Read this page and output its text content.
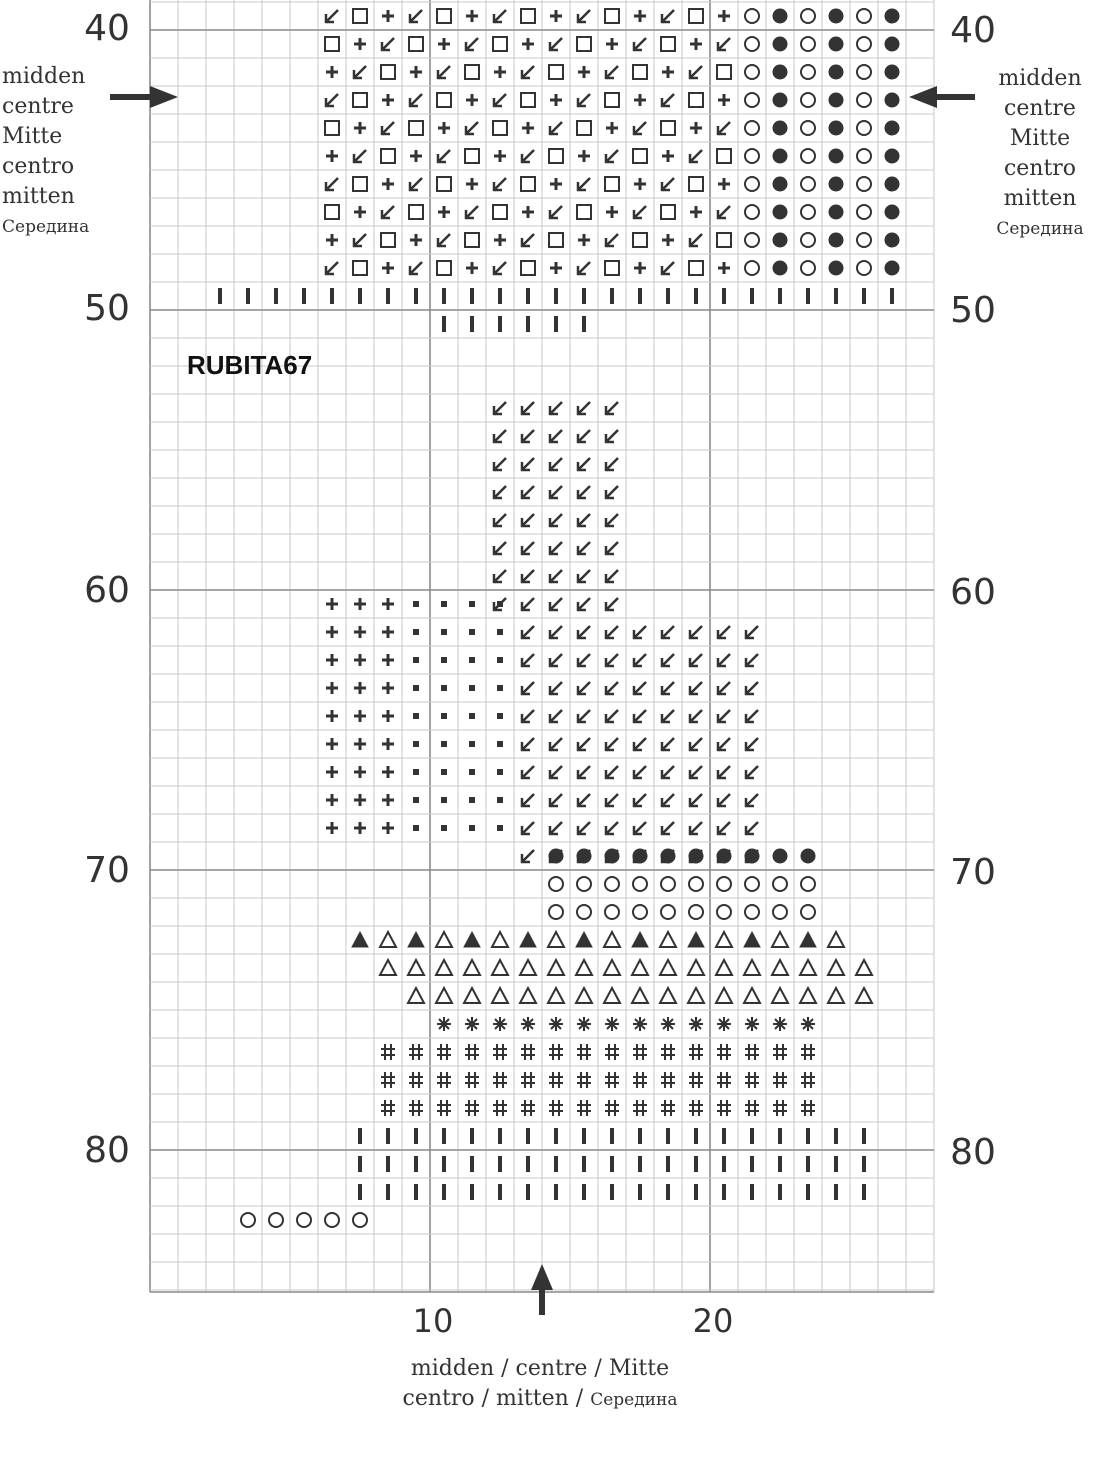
40
50
60
70
80
40
50
60
70
80
10	20
midden
centre
Mitte
centro
mitten
Середина
midden
centre
Mitte
centro
mitten
Середина
midden / centre / Mitte
centro / mitten / Середина
RUBITA67
